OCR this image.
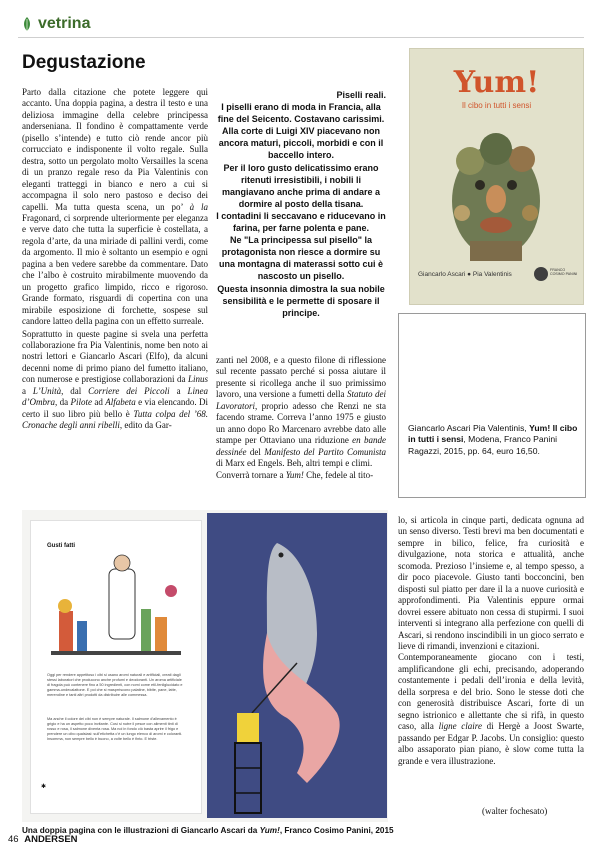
vetrina
Degustazione

Parto dalla citazione che potete leggere qui accanto. Una doppia pagina, a destra il testo e una deliziosa immagine della celebre principessa anderseniana. Il fondino è compattamente verde (pisello s’intende) e tutto ciò rende ancor più corrucciato e indisponente il volto regale. Sulla destra, sotto un pergolato molto Versailles la scena di un pranzo regale reso da Pia Valentinis con eleganti tratteggi in bianco e nero a cui si accompagna il solo nero pastoso e deciso dei capelli. Ma tutta questa scena, un po’ à la Fragonard, ci sorprende ulteriormente per eleganza e verve dato che tutta la superficie è costellata, a regola d’arte, da una miriade di pallini verdi, come da argomento. Il mio è soltanto un esempio e ogni pagina a ben vedere sarebbe da commentare. Dato che l’albo è costruito mirabilmente muovendo da un progetto grafico limpido, ricco e rigoroso. Grande formato, risguardi di copertina con una mirabile esposizione di forchette, sospese sul candore latteo della pagina con un effetto surreale.

Soprattutto in queste pagine si svela una perfetta collaborazione fra Pia Valentinis, nome ben noto ai nostri lettori e Giancarlo Ascari (Elfo), da alcuni decenni nome di primo piano del fumetto italiano, con numerose e prestigiose collaborazioni da Linus a L’Unità, dal Corriere dei Piccoli a Linea d’Ombra, da Pilote ad Alfabeta e via elencando. Di certo il suo libro più bello è Tutta colpa del ’68. Cronache degli anni ribelli, edito da Gar-

Piselli reali.
I piselli erano di moda in Francia, alla fine del Seicento. Costavano carissimi. Alla corte di Luigi XIV piacevano non ancora maturi, piccoli, morbidi e con il baccello intero.
Per il loro gusto delicatissimo erano ritenuti irresistibili, i nobili li mangiavano anche prima di andare a dormire al posto della tisana.
I contadini li seccavano e riducevano in farina, per farne polenta e pane.
Ne "La principessa sul pisello" la protagonista non riesce a dormire su una montagna di materassi sotto cui è nascosto un pisello.
Questa insonnia dimostra la sua nobile sensibilità e le permette di sposare il principe.

zanti nel 2008, e a questo filone di riflessione sul recente passato perché si possa aiutare il presente si ricollega anche il suo primissimo lavoro, una versione a fumetti della Statuto dei Lavoratori, proprio adesso che Renzi ne sta facendo strame. Correva l’anno 1975 e giusto un anno dopo Ro Marcenaro avrebbe dato alle stampe per Ottaviano una riduzione en bande dessinée del Manifesto del Partito Comunista di Marx ed Engels. Beh, altri tempi e climi.

Converrà tornare a Yum! Che, fedele al tito-

Yum!
Il cibo in tutti i sensi
Giancarlo Ascari ● Pia Valentinis
FRANCO COSIMO PANINI
Giancarlo Ascari Pia Valentinis, Yum! Il cibo in tutti i sensi, Modena, Franco Panini Ragazzi, 2015, pp. 64, euro 16,50.
Gusti fatti
Oggi per rendere appetitoso i cibi si usano aromi naturali e artificiali, creati dagli stessi laboratori che producono anche profumi e deodoranti. Un aroma artificiale di fragola può contenere fino a 50 ingredienti, con nomi come etil-fenilglucidato e gamma-undecalattone. E poi che si masprriscono palatine, bibite, pane, latte, merendine e tanti altri prodotti da distribuire alle commessa.
Ma anche il colore dei cibi non è sempre naturale. Il salmone d’allevamento è grigio e ha un aspetto poco invitante. Così si nutre il pesce con alimenti tinti di rosso e rosa, il salmone diventa rosa. Ma noi in fondo ciò basta aprire il frigo e prendere un cibo qualsiasi: sull’etichetta c’è un lungo elenco di aromi e coloranti. Insomma, non sempre bello è buono, a volte bello è finto. E triste.
✱

lo, si articola in cinque parti, dedicata ognuna ad un senso diverso. Testi brevi ma ben documentati e sempre in bilico, felice, fra curiosità e divulgazione, nota storica e attualità, anche scomoda. Prezioso l’insieme e, al tempo spesso, a dir poco piacevole. Giusto tanti bocconcini, ben disposti sul piatto per dare il la a nuove curiosità e approfondimenti. Pia Valentinis eppure ormai dovrei essere abituato non cessa di stupirmi. I suoi interventi si integrano alla perfezione con quelli di Ascari, si rendono inscindibili in un gioco serrato e lieve di rimandi, invenzioni e citazioni.

Contemporaneamente giocano con i testi, amplificandone gli echi, precisando, adoperando costantemente i pedali dell’ironia e della levità, della sorpresa e del brio. Sono le stesse doti che con generosità distribuisce Ascari, forte di un segno istrionico e allettante che si rifà, in questo caso, alla ligne claire di Hergè a Joost Swarte, passando per Edgar P. Jacobs. Un consiglio: questo albo assaporato pian piano, è slow come tutta la grande e vera illustrazione.

(walter fochesato)
Una doppia pagina con le illustrazioni di Giancarlo Ascari da Yum!, Franco Cosimo Panini, 2015
46 ANDERSEN
